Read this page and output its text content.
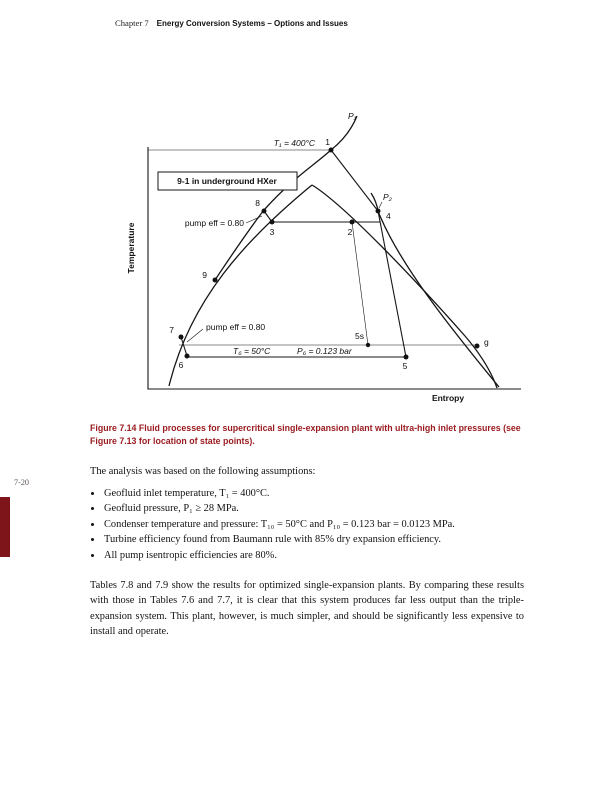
Chapter 7 Energy Conversion Systems – Options and Issues
9-1 in underground HXer
T₁ = 400°C
P₁
P₂
pump eff = 0.80
pump eff = 0.80
T₆ = 50°C	P₆ = 0.123 bar
1
8
3	2
4
9
7
6
5s
5
g
Temperature
Entropy

Figure 7.14 Fluid processes for supercritical single-expansion plant with ultra-high inlet pressures (see Figure 7.13 for location of state points).

7-20

The analysis was based on the following assumptions:

• Geofluid inlet temperature, T₁ = 400°C.
• Geofluid pressure, P₁ ≥ 28 MPa.
• Condenser temperature and pressure: T₁₀ = 50°C and P₁₀ = 0.123 bar = 0.0123 MPa.
• Turbine efficiency found from Baumann rule with 85% dry expansion efficiency.
• All pump isentropic efficiencies are 80%.

Tables 7.8 and 7.9 show the results for optimized single-expansion plants. By comparing these results with those in Tables 7.6 and 7.7, it is clear that this system produces far less output than the triple-expansion system. This plant, however, is much simpler, and should be significantly less expensive to install and operate.
